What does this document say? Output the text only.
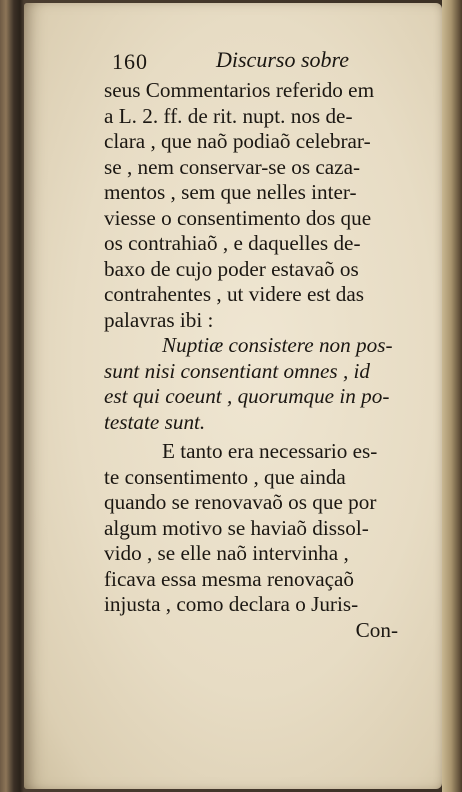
160	Discurso sobre
seus Commentarios referido em
a L. 2. ff. de rit. nupt. nos de-
clara , que naõ podiaõ celebrar-
se , nem conservar-se os caza-
mentos , sem que nelles inter-
viesse o consentimento dos que
os contrahiaõ , e daquelles de-
baxo de cujo poder estavaõ os
contrahentes , ut videre est das
palavras ibi :
Nuptiæ consistere non pos-
sunt nisi consentiant omnes , id
est qui coeunt , quorumque in po-
testate sunt.
E tanto era necessario es-
te consentimento , que ainda
quando se renovavaõ os que por
algum motivo se haviaõ dissol-
vido , se elle naõ intervinha ,
ficava essa mesma renovaçaõ
injusta , como declara o Juris-
Con-
